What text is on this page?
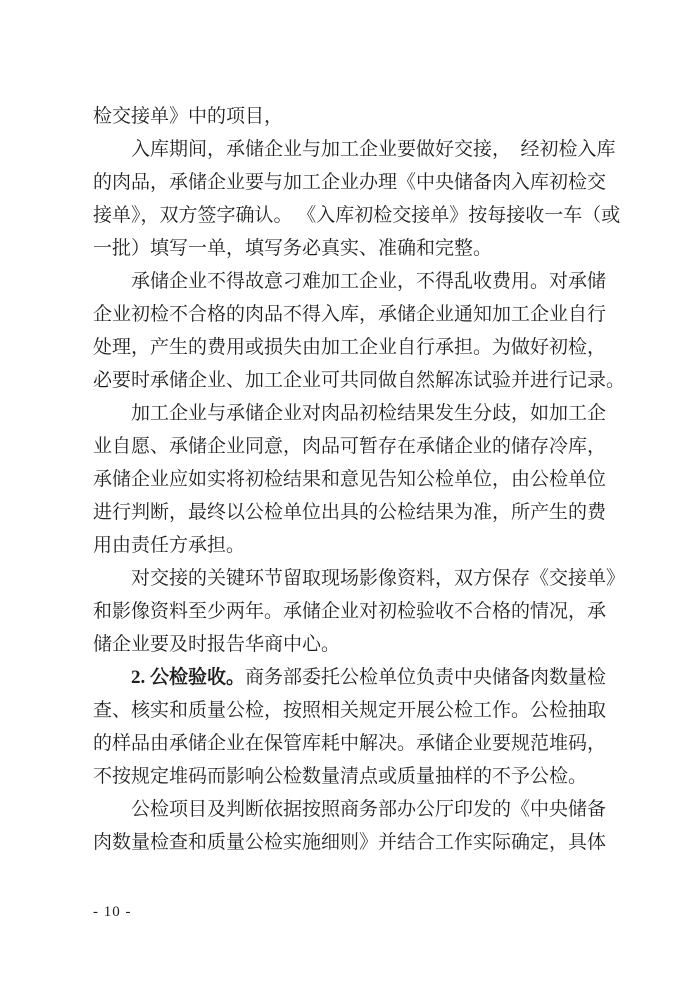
检交接单》中的项目，
入库期间，承储企业与加工企业要做好交接，　经初检入库
的肉品，承储企业要与加工企业办理《中央储备肉入库初检交
接单》，双方签字确认。 《入库初检交接单》按每接收一车（或
一批）填写一单，填写务必真实、准确和完整。
承储企业不得故意刁难加工企业，不得乱收费用。对承储
企业初检不合格的肉品不得入库，承储企业通知加工企业自行
处理，产生的费用或损失由加工企业自行承担。为做好初检，
必要时承储企业、加工企业可共同做自然解冻试验并进行记录。
加工企业与承储企业对肉品初检结果发生分歧，如加工企
业自愿、承储企业同意，肉品可暂存在承储企业的储存冷库，
承储企业应如实将初检结果和意见告知公检单位，由公检单位
进行判断，最终以公检单位出具的公检结果为准，所产生的费
用由责任方承担。
对交接的关键环节留取现场影像资料，双方保存《交接单》
和影像资料至少两年。承储企业对初检验收不合格的情况，承
储企业要及时报告华商中心。
2. 公检验收。商务部委托公检单位负责中央储备肉数量检
查、核实和质量公检，按照相关规定开展公检工作。公检抽取
的样品由承储企业在保管库耗中解决。承储企业要规范堆码，
不按规定堆码而影响公检数量清点或质量抽样的不予公检。
公检项目及判断依据按照商务部办公厅印发的《中央储备
肉数量检查和质量公检实施细则》并结合工作实际确定，具体
- 10 -
